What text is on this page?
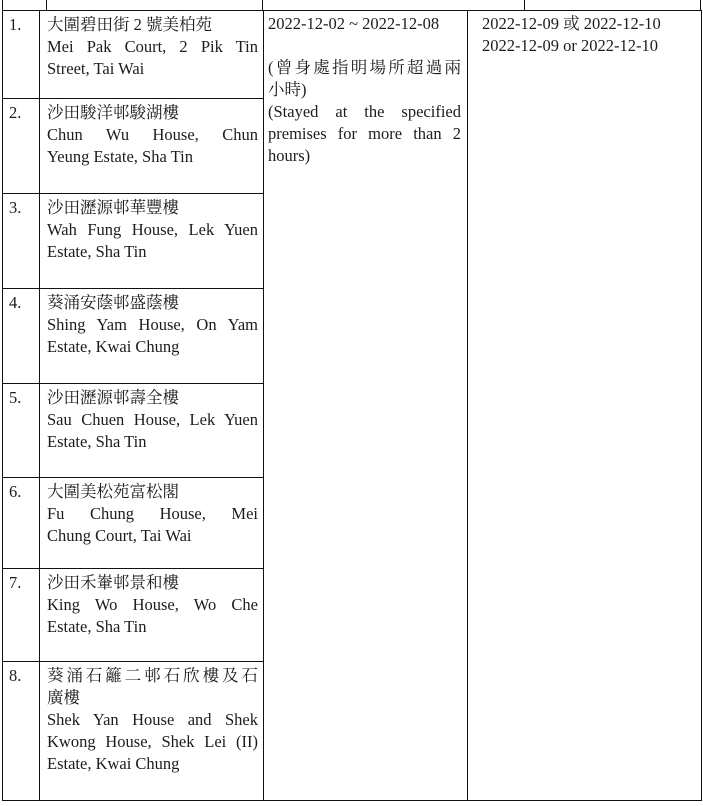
1.	大圍碧田街 2 號美柏苑
Mei Pak Court, 2 Pik Tin
Street, Tai Wai

2022-12-02 ~ 2022-12-08
(曾身處指明場所超過兩
小時)
(Stayed at the specified
premises for more than 2
hours)

2022-12-09 或 2022-12-10
2022-12-09 or 2022-12-10

2.	沙田駿洋邨駿湖樓
Chun Wu House, Chun
Yeung Estate, Sha Tin		

3.	沙田瀝源邨華豐樓
Wah Fung House, Lek Yuen
Estate, Sha Tin		

4.	葵涌安蔭邨盛蔭樓
Shing Yam House, On Yam
Estate, Kwai Chung		

5.	沙田瀝源邨壽全樓
Sau Chuen House, Lek Yuen
Estate, Sha Tin		

6.	大圍美松苑富松閣
Fu Chung House, Mei
Chung Court, Tai Wai		

7.	沙田禾輋邨景和樓
King Wo House, Wo Che
Estate, Sha Tin		

8.	葵涌石籬二邨石欣樓及石
廣樓
Shek Yan House and Shek
Kwong House, Shek Lei (II)
Estate, Kwai Chung		
